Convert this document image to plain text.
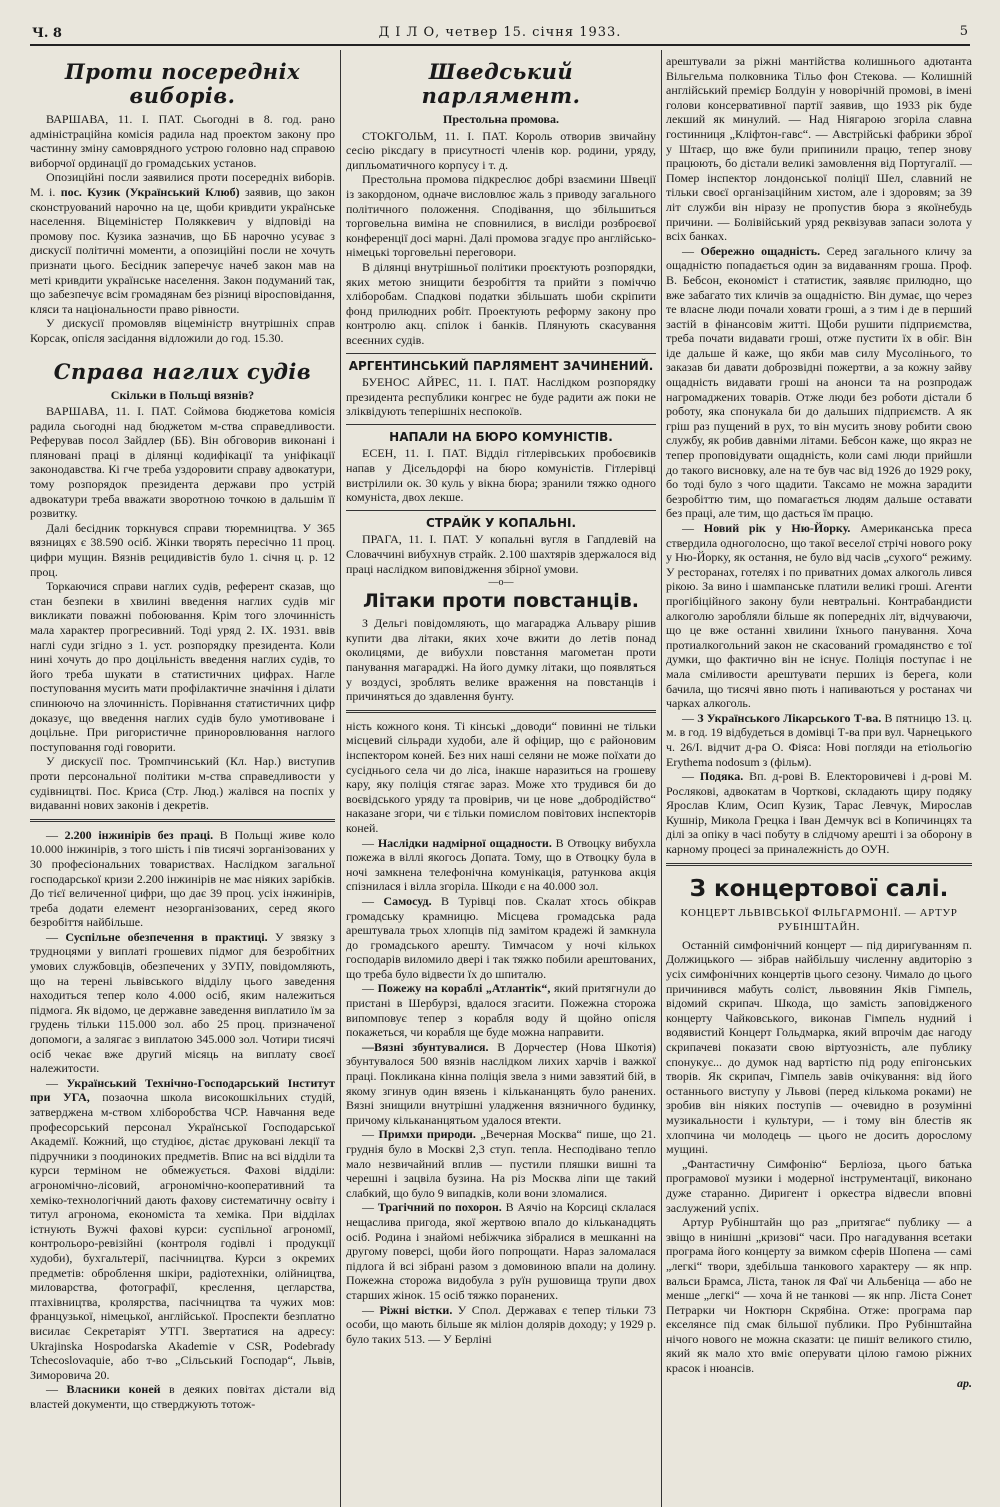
Ч. 8	Д І Л О, четвер 15. січня 1933.	5
Проти посередніх виборів.

ВАРШАВА, 11. І. ПАТ. Сьогодні в 8. год. рано адміністраційна комісія радила над проектом закону про частинну зміну самоврядного устрою головно над справою виборчої ординації до громадських установ.

Опозиційні посли заявилися проти посередніх виборів. М. і. пос. Кузик (Український Клюб) заявив, що закон сконструований нарочно на це, щоби кривдити українське населення. Віцеміністер Поляккевич у відповіді на промову пос. Кузика зазначив, що ББ нарочно усуває з дискусії політичні моменти, а опозиційні посли не хочуть признати цього. Бесідник заперечує начеб закон мав на меті кривдити українське населення. Закон подуманий так, що забезпечує всім громадянам без різниці віросповідання, кляси та національности право рівности.

У дискусії промовляв віцеміністр внутрішніх справ Корсак, опісля засідання відложили до год. 15.30.

Справа наглих судів
Скільки в Польщі вязнів?

ВАРШАВА, 11. І. ПАТ. Соймова бюджетова комісія радила сьогодні над бюджетом м-ства справедливости. Реферував посол Зайдлер (ББ). Він обговорив виконані і пляновані праці в ділянці кодифікації та уніфікації законодавства. Кі гче треба уздоровити справу адвокатури, тому розпорядок президента держави про устрій адвокатури треба вважати зворотною точкою в дальшім її розвитку.

Далі бесідник торкнувся справи тюремництва. У 365 вязницях є 38.590 осіб. Жінки творять пересічно 11 проц. цифри мущин. Вязнів рецидивістів було 1. січня ц. р. 12 проц.

Торкаючися справи наглих судів, референт сказав, що стан безпеки в хвилині введення наглих судів міг викликати поважні побоювання. Крім того злочинність мала характер прогресивний. Тоді уряд 2. IX. 1931. ввів наглі суди згідно з 1. уст. розпорядку президента. Коли нині хочуть до про доцільність введення наглих судів, то його треба шукати в статистичних цифрах. Нагле поступовання мусить мати профілактичне значіння і ділати спинюючо на злочинність. Порівнання статистичних цифр доказує, що введення наглих судів було умотивоване і доцільне. При ригористичне приноровлювання наглого поступовання годі говорити.

У дискусії пос. Тромпчинський (Кл. Нар.) виступив проти персональної політики м-ства справедливости у судівництві. Пос. Криса (Стр. Люд.) жалівся на поспіх у видаванні нових законів і декретів.

— 2.200 інжинірів без праці. В Польщі живе коло 10.000 інжинірів, з того шість і пів тисячі зорганізованих у 30 професіональних товариствах. Наслідком загальної господарської кризи 2.200 інжинірів не має ніяких зарібків. До тієї величенної цифри, що дає 39 проц. усіх інжинірів, треба додати елемент незорганізованих, серед якого безробіття найбільше.

— Суспільне обезпечення в практиці. У звязку з трудноцями у виплаті грошевих підмог для безробітних умових службовців, обезпечених у ЗУПУ, повідомляють, що на терені львівського відділу цього заведення находиться тепер коло 4.000 осіб, яким належиться підмога. Як відомо, це державне заведення виплатило їм за грудень тільки 115.000 зол. або 25 проц. призначеної допомоги, а залягає з виплатою 345.000 зол. Чотири тисячі осіб чекає вже другий місяць на виплату своєї належитости.

— Український Технічно-Господарський Інститут при УГА, позаочна школа високошкільних студій, затверджена м-ством хліборобства ЧСР. Навчання веде професорський персонал Української Господарської Академії. Кожний, що студіює, дістає друковані лекції та підручники з поодиноких предметів. Впис на всі відділи та курси терміном не обмежується. Фахові відділи: агрономічно-лісовий, агрономічно-кооперативний та хеміко-технологічний дають фахову систематичну освіту і титул агронома, економіста та хеміка. При відділах істнують Вужчі фахові курси: суспільної агрономії, контрольоро-ревізійні (контроля годівлі і продукції худоби), бухгальтерії, пасічництва. Курси з окремих предметів: оброблення шкіри, радіотехніки, олійництва, миловарства, фотографії, креслення, цегларства, птахівництва, кролярства, пасічництва та чужих мов: французької, німецької, англійської. Проспекти безплатно висилає Секретаріят УТГІ. Звертатися на адресу: Ukrajinska Hospodarska Akademie v CSR, Podebrady Tchecoslovaquie, або т-во „Сільський Господар“, Львів, Зиморовича 20.

— Власники коней в деяких повітах дістали від властей документи, що стверджують тотож-

Шведський парлямент.
Престольна промова.

СТОКГОЛЬМ, 11. І. ПАТ. Король отворив звичайну сесію ріксдагу в присутності членів кор. родини, уряду, дипльоматичного корпусу і т. д.

Престольна промова підкреслює добрі взаємини Швеції із закордоном, одначе висловлює жаль з приводу загального політичного положення. Сподівання, що збільшиться торговельна виміна не сповнилися, в висліди розброєвої конференції досі марні. Далі промова згадує про англійсько-німецькі торговельні переговори.

В ділянці внутрішньої політики проєктують розпорядки, яких метою знищити безробіття та прийти з поміччю хліборобам. Спадкові податки збільшать шоби скріпити фонд прилюдних робіт. Проектують реформу закону про контролю акц. спілок і банків. Плянують скасування всеєнних судів.

АРГЕНТИНСЬКИЙ ПАРЛЯМЕНТ ЗАЧИНЕНИЙ.

БУЕНОС АЙРЕС, 11. І. ПАТ. Наслідком розпорядку президента республики конгрес не буде радити аж поки не зліквідують теперішніх неспокоїв.

НАПАЛИ НА БЮРО КОМУНІСТІВ.

ЕСЕН, 11. І. ПАТ. Відділ гітлерівських пробоєвиків напав у Дісельдорфі на бюро комуністів. Гітлерівці вистрілили ок. 30 куль у вікна бюра; зранили тяжко одного комуніста, двох лекше.

СТРАЙК У КОПАЛЬНІ.

ПРАГА, 11. І. ПАТ. У копальні вугля в Гапдлевій на Словаччині вибухнув страйк. 2.100 шахтярів здержалося від праці наслідком виповідження збірної умови.

—o—
Літаки проти повстанців.

З Дельгі повідомляють, що магараджа Альвару рішив купити два літаки, яких хоче вжити до летів понад околицями, де вибухли повстання магометан проти панування магараджі. На його думку літаки, що появляться у воздусі, зроблять велике враження на повстанців і причиняться до здавлення бунту.

ність кожного коня. Ті кінські „доводи“ повинні не тільки місцевий сільради худоби, але й офіцир, що є районовим інспектором коней. Без них наші селяни не може поїхати до сусіднього села чи до ліса, інакше наразиться на грошеву кару, яку поліція стягає зараз. Може хто трудився би до воєвідського уряду та провірив, чи це нове „добродійство“ наказане згори, чи є тільки помислом повітових інспекторів коней.

— Наслідки надмірної ощадности. В Отвоцку вибухла пожежа в віллі якогось Допата. Тому, що в Отвоцку була в ночі замкнена телефонічна комунікація, ратункова акція спізнилася і вілла згоріла. Шкоди є на 40.000 зол.

— Самосуд. В Турівці пов. Скалат хтось обікрав громадську крамницю. Місцева громадська рада арештувала трьох хлопців під замітом крадежі й замкнула до громадського арешту. Тимчасом у ночі кількох господарів виломило двері і так тяжко побили арештованих, що треба було відвести їх до шпиталю.

— Пожежу на кораблі „Атлантік“, який притягнули до пристані в Шербурзі, вдалося згасити. Пожежна сторожа випомповує тепер з корабля воду й щойно опісля покажеться, чи корабля ще буде можна направити.

—Вязні збунтувалися. В Дорчестер (Нова Шкотія) збунтувалося 500 вязнів наслідком лихих харчів і важкої праці. Покликана кінна поліція звела з ними завзятий бій, в якому згинув один вязень і кількананцять було ранених. Вязні знищили внутрішні уладження вязничного будинку, причому кількананцятьом удалося втекти.

— Примхи природи. „Вечерная Москва“ пише, що 21. груднія було в Москві 2,3 ступ. тепла. Несподівано тепло мало незвичайний вплив — пустили пляшки вишні та черешні і зацвіла бузина. На різ Москва ліпи ще такий слабкий, що було 9 випадків, коли вони зломалися.

— Трагічний по похорон. В Аячіо на Корсиці склалася нещаслива пригода, якої жертвою впало до кільканадцять осіб. Родина і знайомі небіжчика зібралися в мешканні на другому поверсі, щоби його попрощати. Нараз заломалася підлога й всі зібрані разом з домовиною впали на долину. Пожежна сторожа видобула з руїн рушовища трупи двох старших жінок. 15 осіб тяжко поранених.

— Ріжні вістки. У Спол. Державах є тепер тільки 73 особи, що мають більше як міліон долярів доходу; у 1929 р. було таких 513. — У Берліні

арештували за ріжні мантійства колишнього адютанта Вільгельма полковника Тільо фон Стекова. — Колишній англійський премієр Болдуін у новорічній промові, в імені голови консервативної партії заявив, що 1933 рік буде лекший як минулий. — Над Ніягарою згоріла славна гостинниця „Кліфтон-гавс“. — Австрійські фабрики зброї у Штаєр, що вже були припинили працю, тепер знову працюють, бо дістали великі замовлення від Португалії. — Помер інспектор лондонської поліції Шел, славний не тільки своєї організаційним хистом, але і здоровям; за 39 літ служби він ніразу не пропустив бюра з якоїнебудь причини. — Болівійський уряд реквізував запаси золота у всіх банках.

— Обережно ощадність. Серед загального кличу за ощадністю попадається один за видаванням гроша. Проф. В. Бебсон, економіст і статистик, заявляє прилюдно, що вже забагато тих кличів за ощадністю. Він думає, що через те власне люди почали ховати гроші, а з тим і де в перший застій в фінансовім житті. Щоби рушити підприємства, треба почати видавати гроші, отже пустити їх в обіг. Він іде дальше й каже, що якби мав силу Мусолінього, то заказав би давати доброзвідні пожертви, а за кожну зайву ощадність видавати гроші на анонси та на розпродаж нагромаджених товарів. Отже люди без роботи дістали б роботу, яка спонукала би до дальших підприємств. А як гріш раз пущений в рух, то він мусить знову робити свою службу, як робив давніми літами. Бебсон каже, що якраз не тепер проповідувати ощадність, коли самі люди прийшли до такого висновку, але на те був час від 1926 до 1929 року, бо тоді було з чого щадити. Таксамо не можна зарадити безробіттю тим, що помагається людям дальше оставати без праці, але тим, що дасться їм працю.

— Новий рік у Ню-Йорку. Американська преса ствердила одноголосно, що такої веселої стрічі нового року у Ню-Йорку, як остання, не було від часів „сухого“ режиму. У ресторанах, готелях і по приватних домах алкоголь лився рікою. За вино і шампанське платили великі гроші. Агенти прогібіційного закону були невтральні. Контрабандисти алкоголю заробляли більше як попередніх літ, відчуваючи, що це вже останні хвилини їхнього панування. Хоча протиалкогольний закон не скасований громадянство є тої думки, що фактично він не існує. Поліція поступає і не мала сміливости арештувати перших із берега, коли бачила, що тисячі явно пють і напиваються у ростанах чи чарках алкоголь.

— З Українського Лікарського Т-ва. В пятницю 13. ц. м. в год. 19 відбудеться в домівці Т-ва при вул. Чарнецького ч. 26/І. відчит д-ра О. Фіяса: Нові погляди на етіольогію Erythema nodosum з (фільм).

— Подяка. Вп. д-рові В. Електоровичеві і д-рові М. Рослякові, адвокатам в Чорткові, складають щиру подяку Ярослав Клим, Осип Кузик, Тарас Левчук, Мирослав Кушнір, Микола Грецка і Іван Демчук всі в Копичинцях та ділі за опіку в часі побуту в слідчому арешті і за оборону в карному процесі за приналежність до ОУН.

З концертової салі.
КОНЦЕРТ ЛЬВІВСЬКОЇ ФІЛЬГАРМОНІЇ. — АРТУР РУБІНШТАЙН.

Останній симфонічний концерт — під дириґуванням п. Должицького — зібрав найбільшу численну авдиторію з усіх симфонічних концертів цього сезону. Чимало до цього причинився мабуть соліст, львовянин Яків Гімпель, відомий скрипач. Шкода, що замість заповідженого концерту Чайковського, виконав Гімпель нудний і водявистий Концерт Гольдмарка, який впрочім дає нагоду скрипачеві показати свою віртуозність, але публику спонукує... до думок над вартістю під роду епігонських творів. Як скрипач, Гімпель завів очікування: від його останнього виступу у Львові (перед кількома роками) не зробив він ніяких поступів — очевидно в розумінні музикальности і культури, — і тому він блестів як хлопчина чи молодець — цього не досить дорослому мущині.

„Фантастичну Симфонію“ Берліоза, цього батька програмової музики і модерної інструментації, виконано дуже старанно. Диригент і оркестра відвесли вповні заслужений успіх.

Артур Рубінштайн що раз „притягає“ публику — а звіщо в нинішні „кризові“ часи. Про нагадування всетаки програма його концерту за вимком сферів Шопена — самі „легкі“ твори, здебільша танкового характеру — як нпр. вальси Брамса, Ліста, танок ля Фаї чи Альбеніца — або не менше „легкі“ — хоча й не танкові — як нпр. Ліста Сонет Петрарки чи Ноктюрн Скрябіна. Отже: програма пар екселянсе під смак більшої публики. Про Рубінштайна нічого нового не можна сказати: це пишіт великого стилю, який як мало хто вміє оперувати цілою гамою ріжних красок і нюансів.

ар.
